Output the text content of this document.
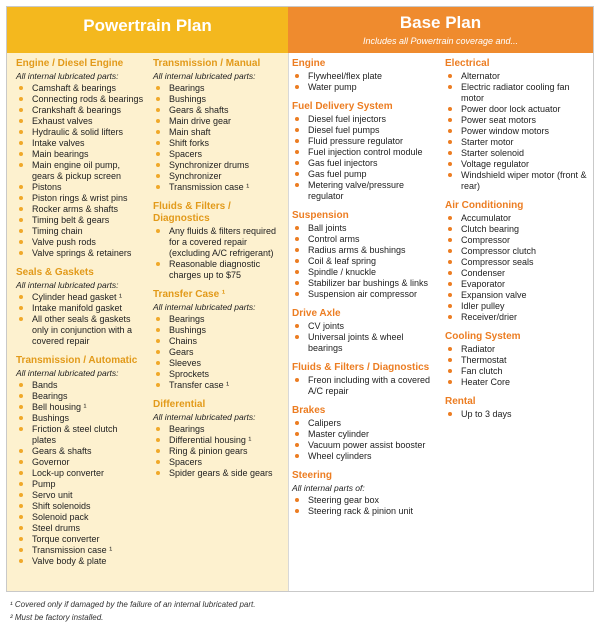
Powertrain Plan	Base Plan
Includes all Powertrain coverage and...
Engine / Diesel Engine
All internal lubricated parts:
Camshaft & bearings
Connecting rods & bearings
Crankshaft & bearings
Exhaust valves
Hydraulic & solid lifters
Intake valves
Main bearings
Main engine oil pump, gears & pickup screen
Pistons
Piston rings & wrist pins
Rocker arms & shafts
Timing belt & gears
Timing chain
Valve push rods
Valve springs & retainers
Seals & Gaskets
All internal lubricated parts:
Cylinder head gasket ¹
Intake manifold gasket
All other seals & gaskets only in conjunction with a covered repair
Transmission / Automatic
All internal lubricated parts:
Bands
Bearings
Bell housing ¹
Bushings
Friction & steel clutch plates
Gears & shafts
Governor
Lock-up converter
Pump
Servo unit
Shift solenoids
Solenoid pack
Steel drums
Torque converter
Transmission case ¹
Valve body & plate
Transmission / Manual
All internal lubricated parts:
Bearings
Bushings
Gears & shafts
Main drive gear
Main shaft
Shift forks
Spacers
Synchronizer drums
Synchronizer
Transmission case ¹
Fluids & Filters / Diagnostics
Any fluids & filters required for a covered repair (excluding A/C refrigerant)
Reasonable diagnostic charges up to $75
Transfer Case ¹
All internal lubricated parts:
Bearings
Bushings
Chains
Gears
Sleeves
Sprockets
Transfer case ¹
Differential
All internal lubricated parts:
Bearings
Differential housing ¹
Ring & pinion gears
Spacers
Spider gears & side gears
Engine
Flywheel/flex plate
Water pump
Fuel Delivery System
Diesel fuel injectors
Diesel fuel pumps
Fluid pressure regulator
Fuel injection control module
Gas fuel injectors
Gas fuel pump
Metering valve/pressure regulator
Suspension
Ball joints
Control arms
Radius arms & bushings
Coil & leaf spring
Spindle / knuckle
Stabilizer bar bushings & links
Suspension air compressor
Drive Axle
CV joints
Universal joints & wheel bearings
Fluids & Filters / Diagnostics
Freon including with a covered A/C repair
Brakes
Calipers
Master cylinder
Vacuum power assist booster
Wheel cylinders
Steering
All internal parts of:
Steering gear box
Steering rack & pinion unit
Electrical
Alternator
Electric radiator cooling fan motor
Power door lock actuator
Power seat motors
Power window motors
Starter motor
Starter solenoid
Voltage regulator
Windshield wiper motor (front & rear)
Air Conditioning
Accumulator
Clutch bearing
Compressor
Compressor clutch
Compressor seals
Condenser
Evaporator
Expansion valve
Idler pulley
Receiver/drier
Cooling System
Radiator
Thermostat
Fan clutch
Heater Core
Rental
Up to 3 days
¹ Covered only if damaged by the failure of an internal lubricated part.
² Must be factory installed.
